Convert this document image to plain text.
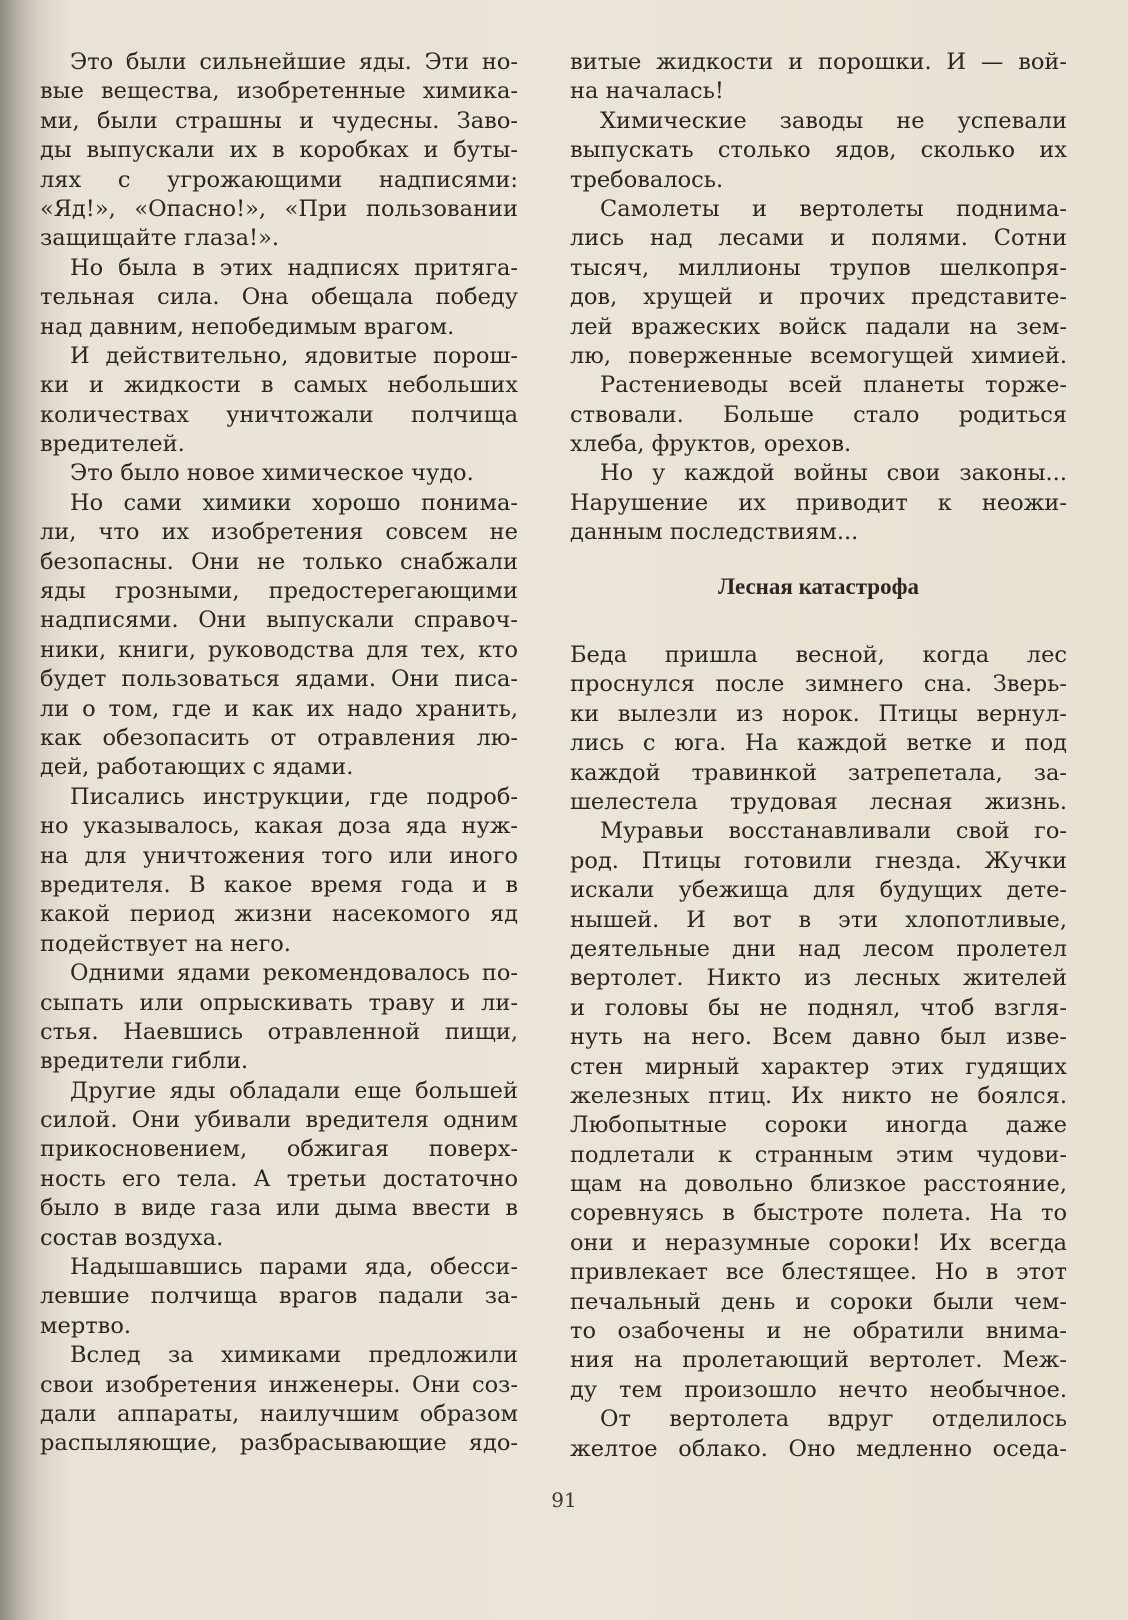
Это были сильнейшие яды. Эти но-
вые вещества, изобретенные химика-
ми, были страшны и чудесны. Заво-
ды выпускали их в коробках и буты-
лях с угрожающими надписями:
«Яд!», «Опасно!», «При пользовании
защищайте глаза!».
Но была в этих надписях притяга-
тельная сила. Она обещала победу
над давним, непобедимым врагом.
И действительно, ядовитые порош-
ки и жидкости в самых небольших
количествах уничтожали полчища
вредителей.
Это было новое химическое чудо.
Но сами химики хорошо понима-
ли, что их изобретения совсем не
безопасны. Они не только снабжали
яды грозными, предостерегающими
надписями. Они выпускали справоч-
ники, книги, руководства для тех, кто
будет пользоваться ядами. Они писа-
ли о том, где и как их надо хранить,
как обезопасить от отравления лю-
дей, работающих с ядами.
Писались инструкции, где подроб-
но указывалось, какая доза яда нуж-
на для уничтожения того или иного
вредителя. В какое время года и в
какой период жизни насекомого яд
подействует на него.
Одними ядами рекомендовалось по-
сыпать или опрыскивать траву и ли-
стья. Наевшись отравленной пищи,
вредители гибли.
Другие яды обладали еще большей
силой. Они убивали вредителя одним
прикосновением, обжигая поверх-
ность его тела. А третьи достаточно
было в виде газа или дыма ввести в
состав воздуха.
Надышавшись парами яда, обесси-
левшие полчища врагов падали за-
мертво.
Вслед за химиками предложили
свои изобретения инженеры. Они соз-
дали аппараты, наилучшим образом
распыляющие, разбрасывающие ядо-
витые жидкости и порошки. И — вой-
на началась!
Химические заводы не успевали
выпускать столько ядов, сколько их
требовалось.
Самолеты и вертолеты поднима-
лись над лесами и полями. Сотни
тысяч, миллионы трупов шелкопря-
дов, хрущей и прочих представите-
лей вражеских войск падали на зем-
лю, поверженные всемогущей химией.
Растениеводы всей планеты торже-
ствовали. Больше стало родиться
хлеба, фруктов, орехов.
Но у каждой войны свои законы...
Нарушение их приводит к неожи-
данным последствиям...
Лесная катастрофа
Беда пришла весной, когда лес
проснулся после зимнего сна. Зверь-
ки вылезли из норок. Птицы вернул-
лись с юга. На каждой ветке и под
каждой травинкой затрепетала, за-
шелестела трудовая лесная жизнь.
Муравьи восстанавливали свой го-
род. Птицы готовили гнезда. Жучки
искали убежища для будущих дете-
нышей. И вот в эти хлопотливые,
деятельные дни над лесом пролетел
вертолет. Никто из лесных жителей
и головы бы не поднял, чтоб взгля-
нуть на него. Всем давно был изве-
стен мирный характер этих гудящих
железных птиц. Их никто не боялся.
Любопытные сороки иногда даже
подлетали к странным этим чудови-
щам на довольно близкое расстояние,
соревнуясь в быстроте полета. На то
они и неразумные сороки! Их всегда
привлекает все блестящее. Но в этот
печальный день и сороки были чем-
то озабочены и не обратили внима-
ния на пролетающий вертолет. Меж-
ду тем произошло нечто необычное.
От вертолета вдруг отделилось
желтое облако. Оно медленно оседа-
91
